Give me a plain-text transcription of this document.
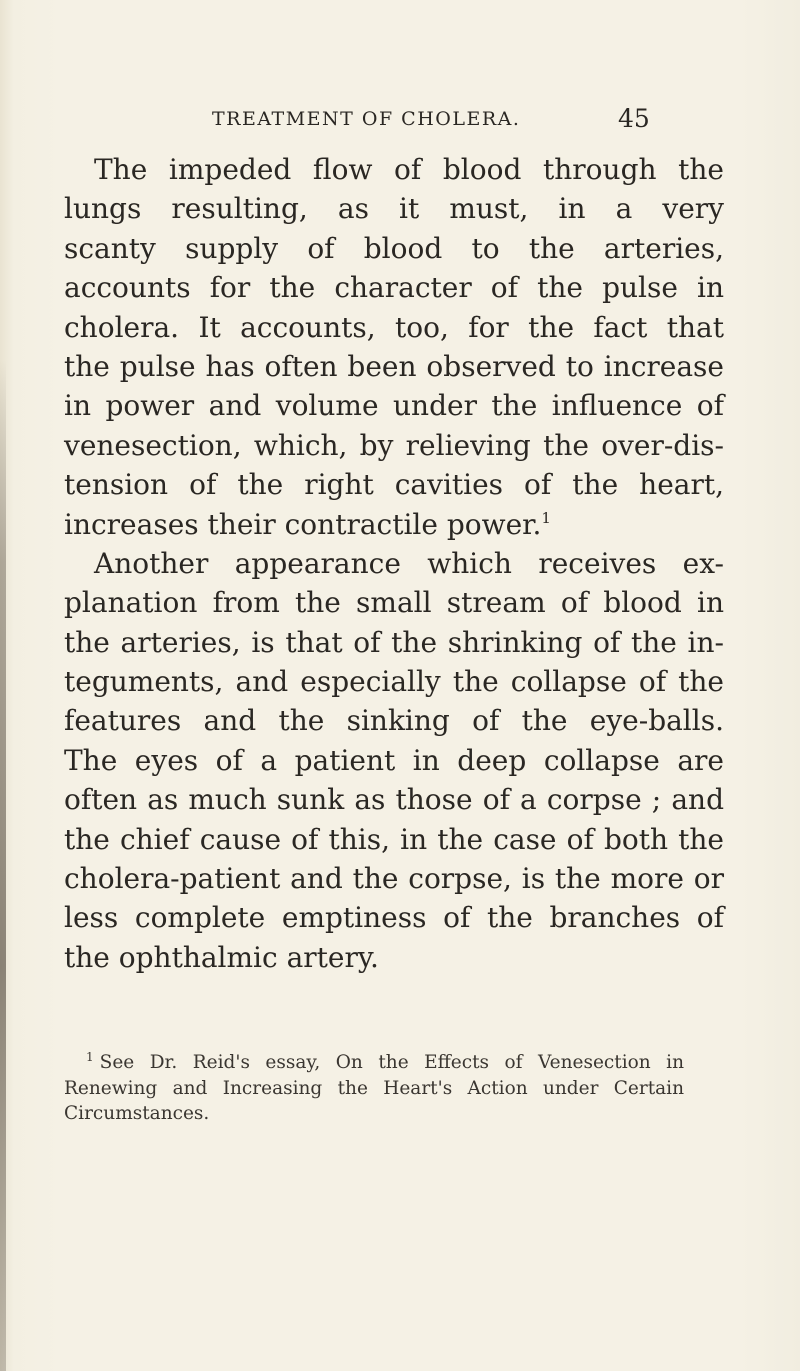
TREATMENT OF CHOLERA.	45
The impeded flow of blood through the
lungs resulting, as it must, in a very
scanty supply of blood to the arteries,
accounts for the character of the pulse in
cholera. It accounts, too, for the fact that
the pulse has often been observed to increase
in power and volume under the influence of
venesection, which, by relieving the over-dis-
tension of the right cavities of the heart,
increases their contractile power.$^1$
Another appearance which receives ex-
planation from the small stream of blood in
the arteries, is that of the shrinking of the in-
teguments, and especially the collapse of the
features and the sinking of the eye-balls.
The eyes of a patient in deep collapse are
often as much sunk as those of a corpse ; and
the chief cause of this, in the case of both the
cholera-patient and the corpse, is the more or
less complete emptiness of the branches of
the ophthalmic artery.
$^1$ See Dr. Reid's essay, On the Effects of Venesection in
Renewing and Increasing the Heart's Action under Certain
Circumstances.
